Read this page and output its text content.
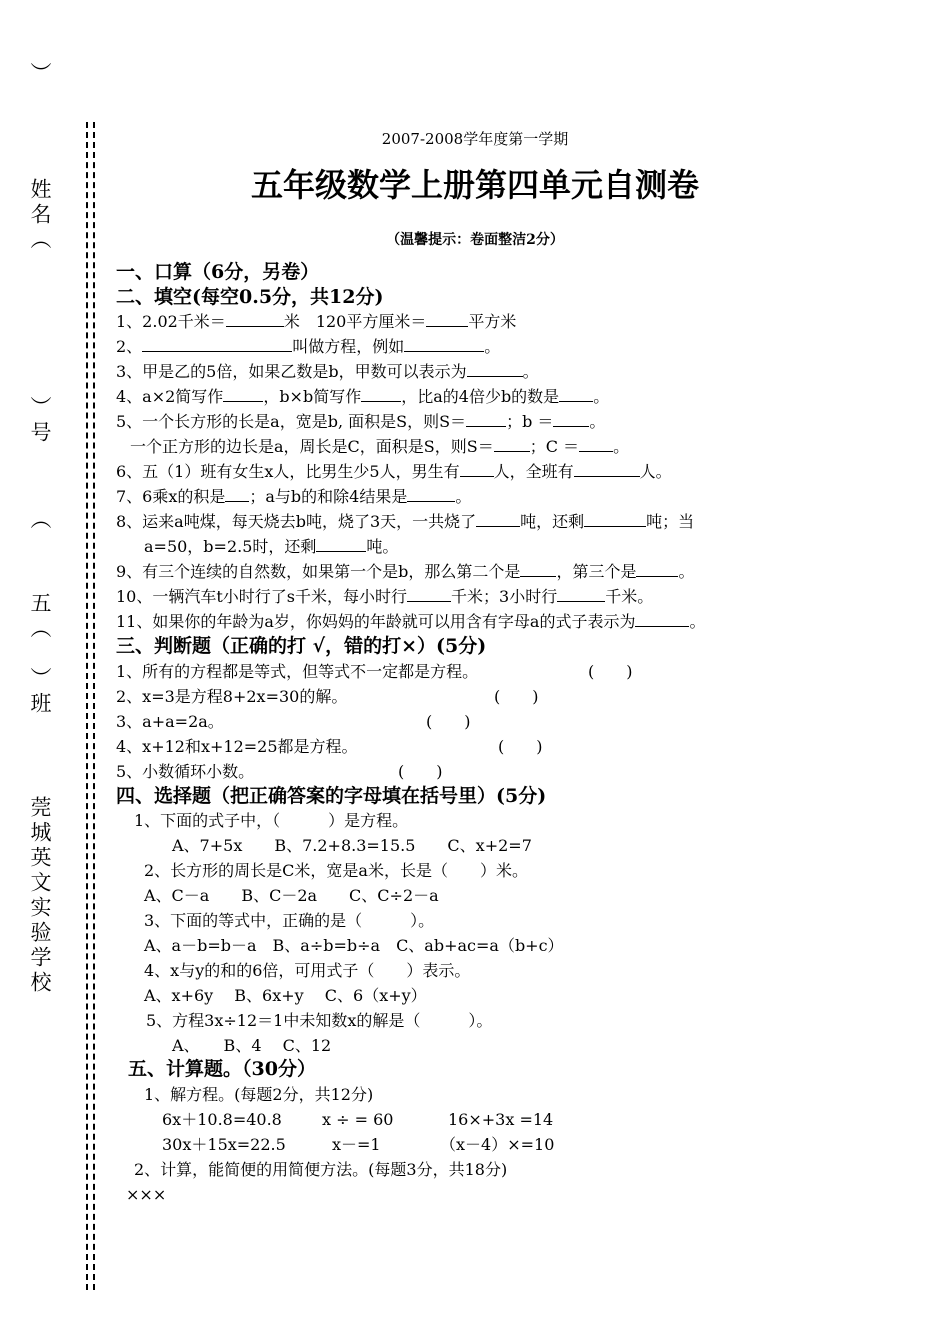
）
姓名（
）号
（
五（　）班
莞城英文实验学校
2007-2008学年度第一学期
五年级数学上册第四单元自测卷
（温馨提示：卷面整洁2分）
一、口算（6分，另卷）
二、填空(每空0.5分，共12分)
1、2.02千米＝	米　120平方厘米＝	平方米
2、	叫做方程，例如	。
3、甲是乙的5倍，如果乙数是b，甲数可以表示为	。
4、a×2简写作	，b×b简写作	，比a的4倍少b的数是 。
5、一个长方形的长是a，宽是b, 面积是S，则S＝	；b ＝ 。
一个正方形的边长是a，周长是C，面积是S，则S＝ ；C ＝ 。
6、五（1）班有女生x人，比男生少5人，男生有 人，全班有	人。
7、6乘x的积是 ；a与b的和除4结果是	。
8、运来a吨煤，每天烧去b吨，烧了3天，一共烧了	吨，还剩	吨；当
a=50，b=2.5时，还剩	吨。
9、有三个连续的自然数，如果第一个是b，那么第二个是 ，第三个是	。
10、一辆汽车t小时行了s千米，每小时行	千米；3小时行	千米。
11、如果你的年龄为a岁，你妈妈的年龄就可以用含有字母a的式子表示为	。
三、判断题（正确的打 √，错的打×）(5分)
1、所有的方程都是等式，但等式不一定都是方程。	(　　)
2、x=3是方程8+2x=30的解。	(　　)
3、a+a=2a。	(　　)
4、x+12和x+12=25都是方程。	(　　)
5、小数循环小数。	(　　)
四、选择题（把正确答案的字母填在括号里）(5分)
1、下面的式子中，（　　　）是方程。
A、7+5x　　B、7.2+8.3=15.5　　C、x+2=7
2、长方形的周长是C米，宽是a米，长是（　　）米。
A、C－a　　B、C－2a　　C、C÷2－a
3、下面的等式中，正确的是（　　　）。
A、a－b=b－a　B、a÷b=b÷a　C、ab+ac=a（b+c）
4、x与y的和的6倍，可用式子（　　）表示。
A、x+6y　 B、6x+y　 C、6（x+y）
5、方程3x÷12＝1中未知数x的解是（　　　）。
A、　　B、4　 C、12
五、计算题。（30分）
1、解方程。(每题2分，共12分)
6x＋10.8=40.8	x ÷ = 60	16×+3x =14
30x＋15x=22.5	x－=1	（x－4）×=10
2、计算，能简便的用简便方法。(每题3分，共18分)
×××
